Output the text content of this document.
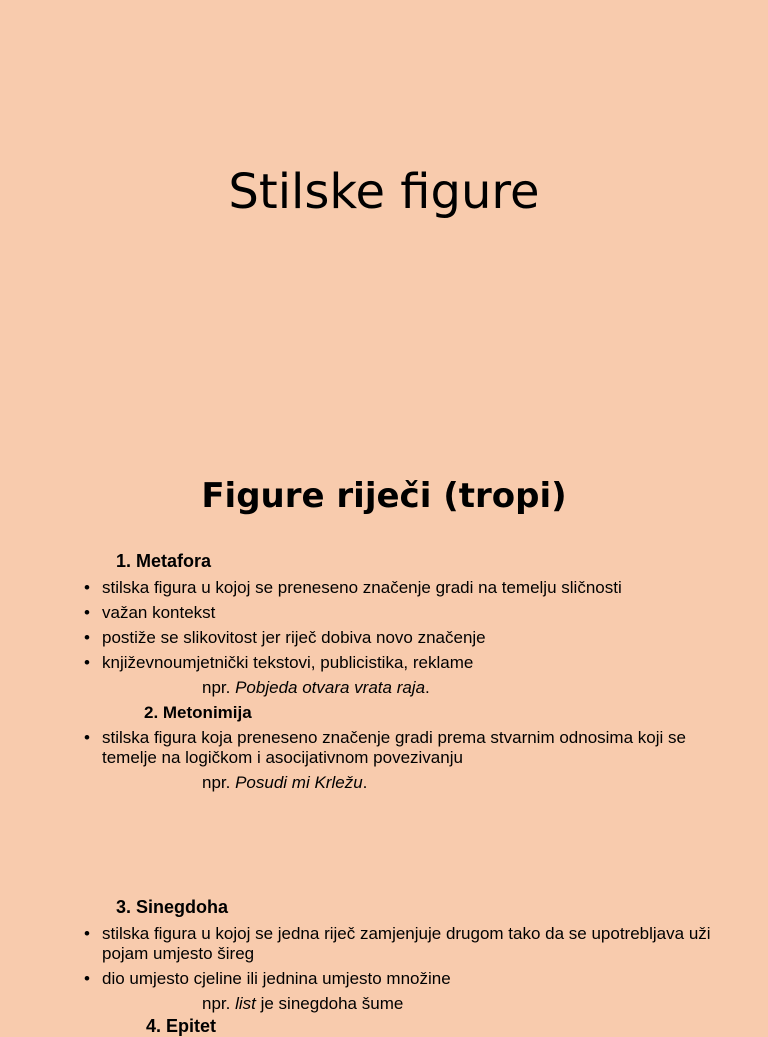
Stilske figure
Figure riječi (tropi)
1. Metafora
• stilska figura u kojoj se preneseno značenje gradi na temelju sličnosti
• važan kontekst
• postiže se slikovitost jer riječ dobiva novo značenje
• književnoumjetnički tekstovi, publicistika, reklame

npr. Pobjeda otvara vrata raja.

2. Metonimija
• stilska figura koja preneseno značenje gradi prema stvarnim odnosima koji se temelje na logičkom i asocijativnom povezivanju

npr. Posudi mi Krležu.

3. Sinegdoha
• stilska figura u kojoj se jedna riječ zamjenjuje drugom tako da se upotrebljava uži pojam umjesto šireg
• dio umjesto cjeline ili jednina umjesto množine

npr. list je sinegdoha šume

4. Epitet
